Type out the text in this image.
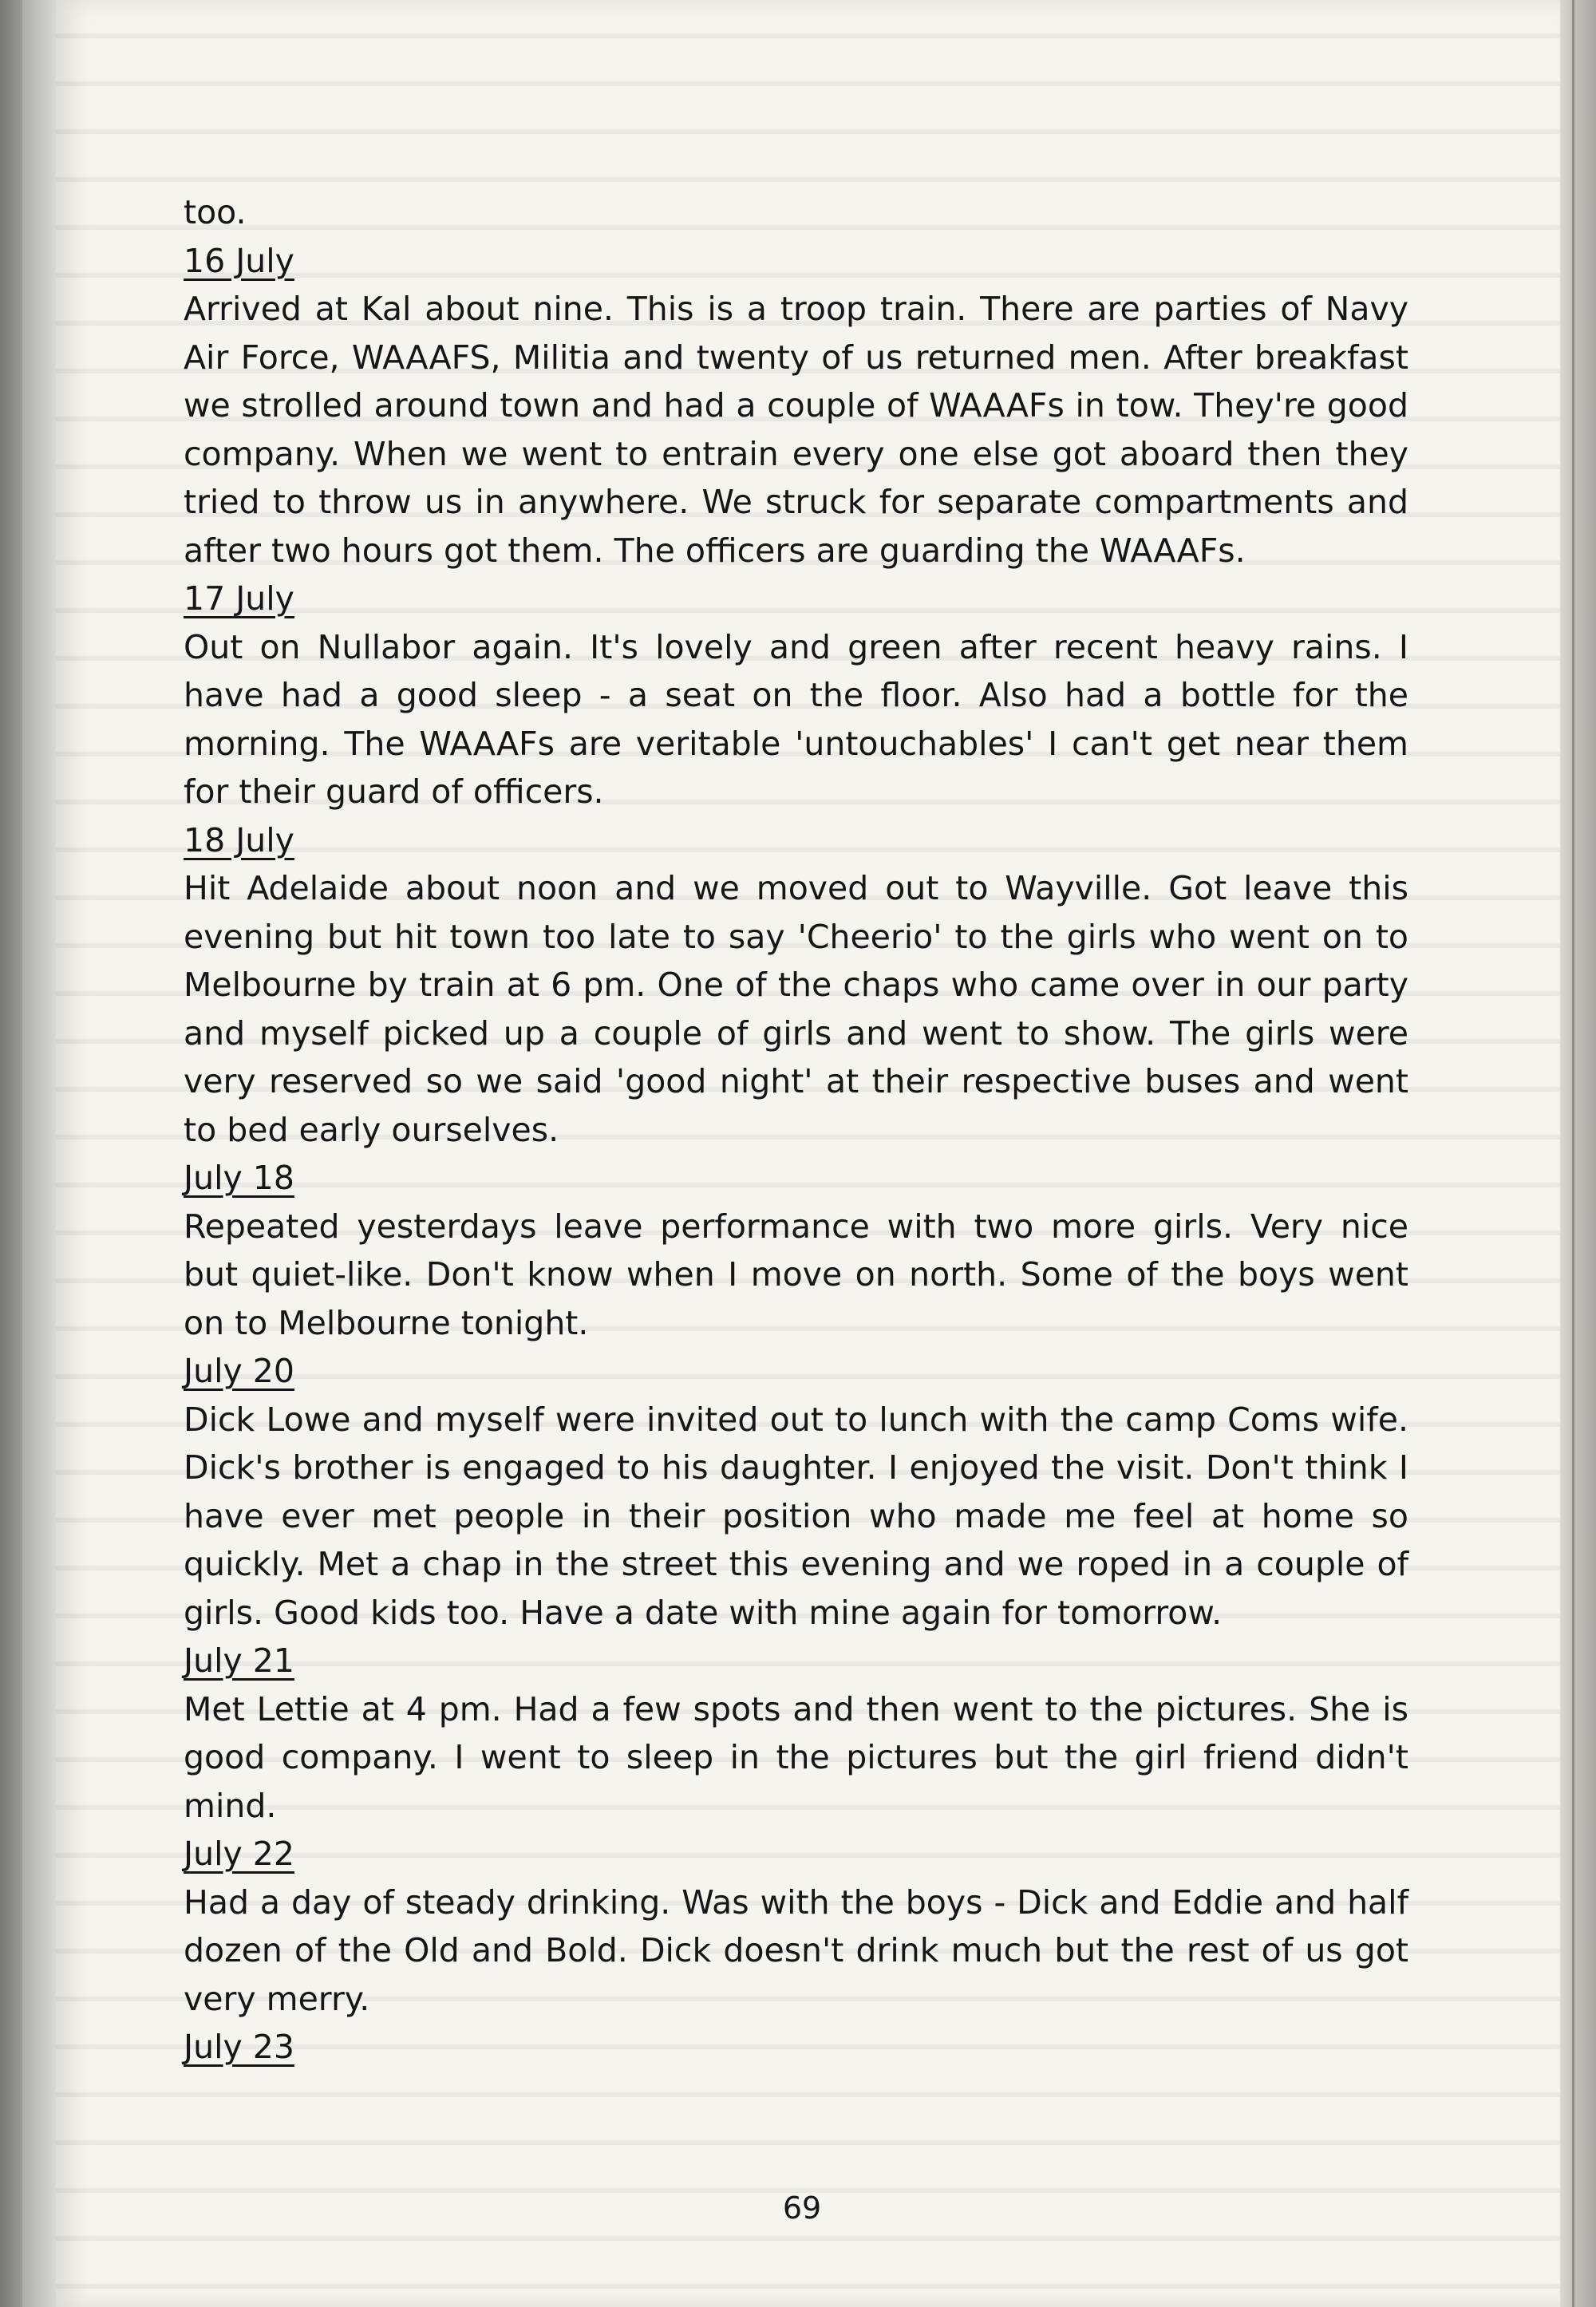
too.

16 July

Arrived at Kal about nine. This is a troop train. There are parties of Navy Air Force, WAAAFS, Militia and twenty of us returned men. After breakfast we strolled around town and had a couple of WAAAFs in tow. They're good company. When we went to entrain every one else got aboard then they tried to throw us in anywhere. We struck for separate compartments and after two hours got them. The officers are guarding the WAAAFs.

17 July

Out on Nullabor again. It's lovely and green after recent heavy rains. I have had a good sleep - a seat on the floor. Also had a bottle for the morning. The WAAAFs are veritable 'untouchables' I can't get near them for their guard of officers.

18 July

Hit Adelaide about noon and we moved out to Wayville. Got leave this evening but hit town too late to say 'Cheerio' to the girls who went on to Melbourne by train at 6 pm. One of the chaps who came over in our party and myself picked up a couple of girls and went to show. The girls were very reserved so we said 'good night' at their respective buses and went to bed early ourselves.

July 18

Repeated yesterdays leave performance with two more girls. Very nice but quiet-like. Don't know when I move on north. Some of the boys went on to Melbourne tonight.

July 20

Dick Lowe and myself were invited out to lunch with the camp Coms wife. Dick's brother is engaged to his daughter. I enjoyed the visit. Don't think I have ever met people in their position who made me feel at home so quickly. Met a chap in the street this evening and we roped in a couple of girls. Good kids too. Have a date with mine again for tomorrow.

July 21

Met Lettie at 4 pm. Had a few spots and then went to the pictures. She is good company. I went to sleep in the pictures but the girl friend didn't mind.

July 22

Had a day of steady drinking. Was with the boys - Dick and Eddie and half dozen of the Old and Bold. Dick doesn't drink much but the rest of us got very merry.

July 23

69
